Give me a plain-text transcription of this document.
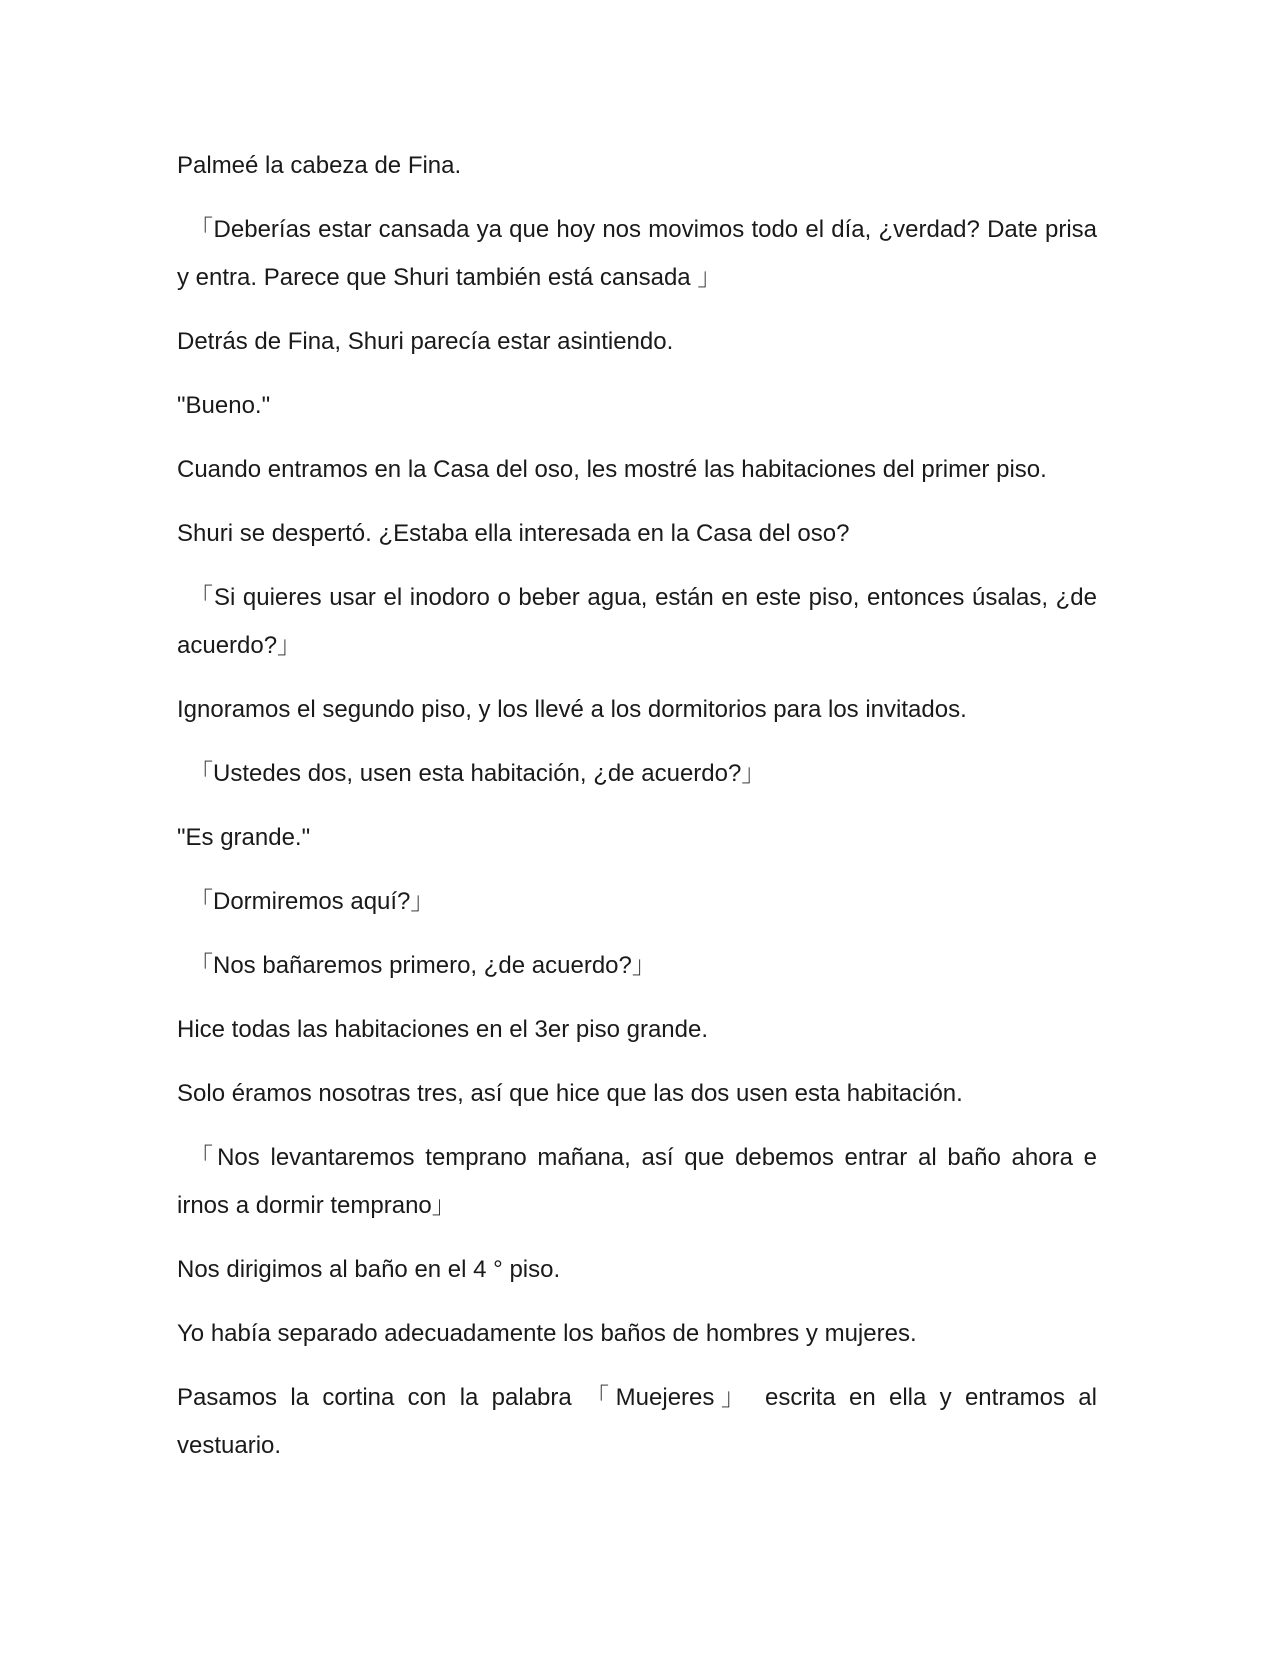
Palmeé la cabeza de Fina.

「Deberías estar cansada ya que hoy nos movimos todo el día, ¿verdad? Date prisa y entra. Parece que Shuri también está cansada 」

Detrás de Fina, Shuri parecía estar asintiendo.

"Bueno."

Cuando entramos en la Casa del oso, les mostré las habitaciones del primer piso.

Shuri se despertó. ¿Estaba ella interesada en la Casa del oso?

「Si quieres usar el inodoro o beber agua, están en este piso, entonces úsalas, ¿de acuerdo?」

Ignoramos el segundo piso, y los llevé a los dormitorios para los invitados.

「Ustedes dos, usen esta habitación, ¿de acuerdo?」

"Es grande."

「Dormiremos aquí?」

「Nos bañaremos primero, ¿de acuerdo?」

Hice todas las habitaciones en el 3er piso grande.

Solo éramos nosotras tres, así que hice que las dos usen esta habitación.

「Nos levantaremos temprano mañana, así que debemos entrar al baño ahora e irnos a dormir temprano」

Nos dirigimos al baño en el 4 ° piso.

Yo había separado adecuadamente los baños de hombres y mujeres.

Pasamos la cortina con la palabra 「Muejeres」 escrita en ella y entramos al vestuario.
